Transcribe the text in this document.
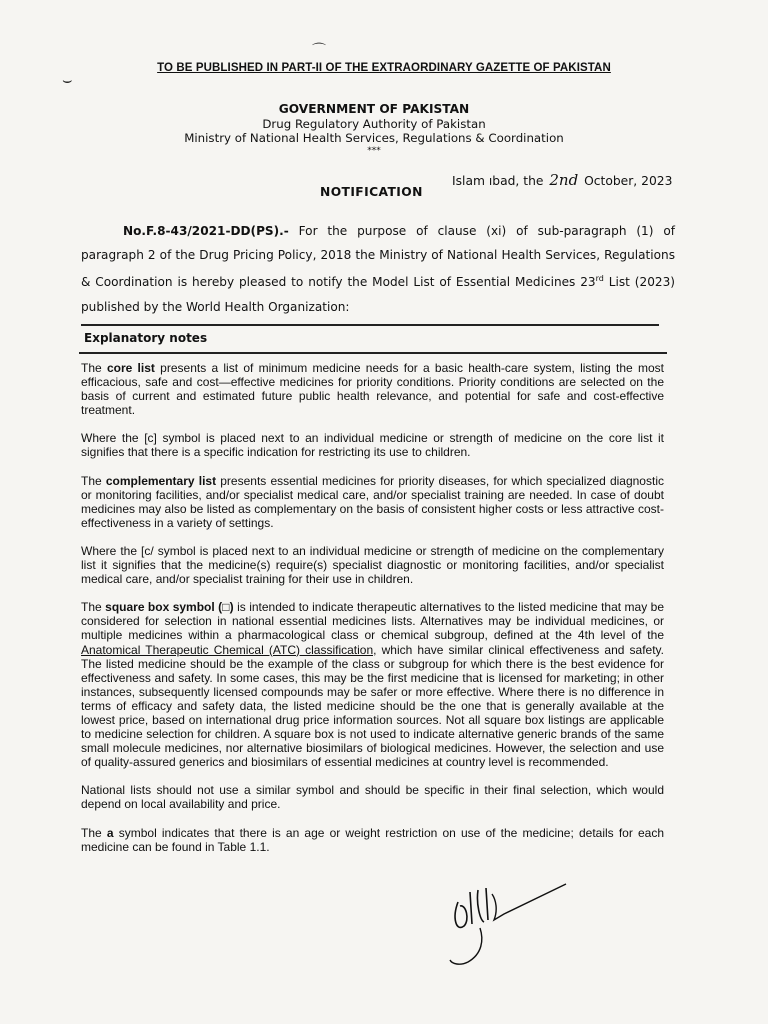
⌒
⌣
TO BE PUBLISHED IN PART-II OF THE EXTRAORDINARY GAZETTE OF PAKISTAN
GOVERNMENT OF PAKISTAN
Drug Regulatory Authority of Pakistan
Ministry of National Health Services, Regulations & Coordination
***
Islam ıbad, the 2nd October, 2023
NOTIFICATION
No.F.8-43/2021-DD(PS).- For the purpose of clause (xi) of sub-paragraph (1) of paragraph 2 of the Drug Pricing Policy, 2018 the Ministry of National Health Services, Regulations & Coordination is hereby pleased to notify the Model List of Essential Medicines 23rd List (2023) published by the World Health Organization:
Explanatory notes

The core list presents a list of minimum medicine needs for a basic health-care system, listing the most efficacious, safe and cost—effective medicines for priority conditions. Priority conditions are selected on the basis of current and estimated future public health relevance, and potential for safe and cost-effective treatment.

Where the [c] symbol is placed next to an individual medicine or strength of medicine on the core list it signifies that there is a specific indication for restricting its use to children.

The complementary list presents essential medicines for priority diseases, for which specialized diagnostic or monitoring facilities, and/or specialist medical care, and/or specialist training are needed. In case of doubt medicines may also be listed as complementary on the basis of consistent higher costs or less attractive cost-effectiveness in a variety of settings.

Where the [c/ symbol is placed next to an individual medicine or strength of medicine on the complementary list it signifies that the medicine(s) require(s) specialist diagnostic or monitoring facilities, and/or specialist medical care, and/or specialist training for their use in children.

The square box symbol (□) is intended to indicate therapeutic alternatives to the listed medicine that may be considered for selection in national essential medicines lists. Alternatives may be individual medicines, or multiple medicines within a pharmacological class or chemical subgroup, defined at the 4th level of the Anatomical Therapeutic Chemical (ATC) classification, which have similar clinical effectiveness and safety. The listed medicine should be the example of the class or subgroup for which there is the best evidence for effectiveness and safety. In some cases, this may be the first medicine that is licensed for marketing; in other instances, subsequently licensed compounds may be safer or more effective. Where there is no difference in terms of efficacy and safety data, the listed medicine should be the one that is generally available at the lowest price, based on international drug price information sources. Not all square box listings are applicable to medicine selection for children. A square box is not used to indicate alternative generic brands of the same small molecule medicines, nor alternative biosimilars of biological medicines. However, the selection and use of quality-assured generics and biosimilars of essential medicines at country level is recommended.

National lists should not use a similar symbol and should be specific in their final selection, which would depend on local availability and price.

The a symbol indicates that there is an age or weight restriction on use of the medicine; details for each medicine can be found in Table 1.1.
